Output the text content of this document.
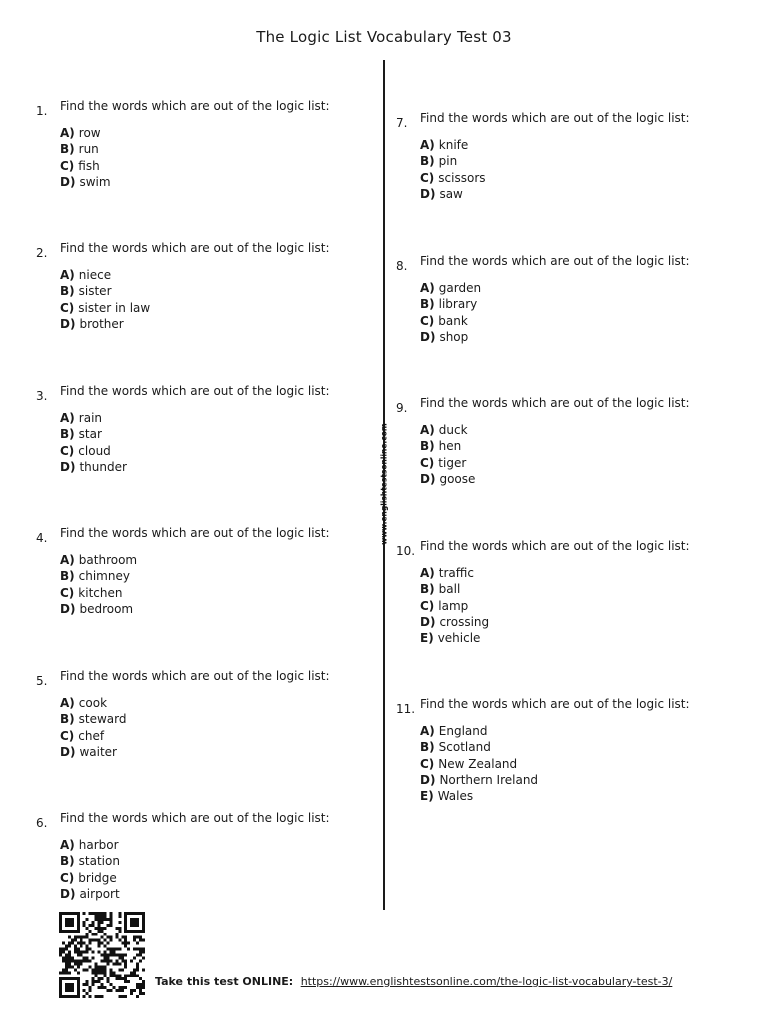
The Logic List Vocabulary Test 03
www.englishtestsonline.com
1. Find the words which are out of the logic list:
A) row
B) run
C) fish
D) swim
2. Find the words which are out of the logic list:
A) niece
B) sister
C) sister in law
D) brother
3. Find the words which are out of the logic list:
A) rain
B) star
C) cloud
D) thunder
4. Find the words which are out of the logic list:
A) bathroom
B) chimney
C) kitchen
D) bedroom
5. Find the words which are out of the logic list:
A) cook
B) steward
C) chef
D) waiter
6. Find the words which are out of the logic list:
A) harbor
B) station
C) bridge
D) airport
7. Find the words which are out of the logic list:
A) knife
B) pin
C) scissors
D) saw
8. Find the words which are out of the logic list:
A) garden
B) library
C) bank
D) shop
9. Find the words which are out of the logic list:
A) duck
B) hen
C) tiger
D) goose
10. Find the words which are out of the logic list:
A) traffic
B) ball
C) lamp
D) crossing
E) vehicle
11. Find the words which are out of the logic list:
A) England
B) Scotland
C) New Zealand
D) Northern Ireland
E) Wales
Take this test ONLINE: https://www.englishtestsonline.com/the-logic-list-vocabulary-test-3/
